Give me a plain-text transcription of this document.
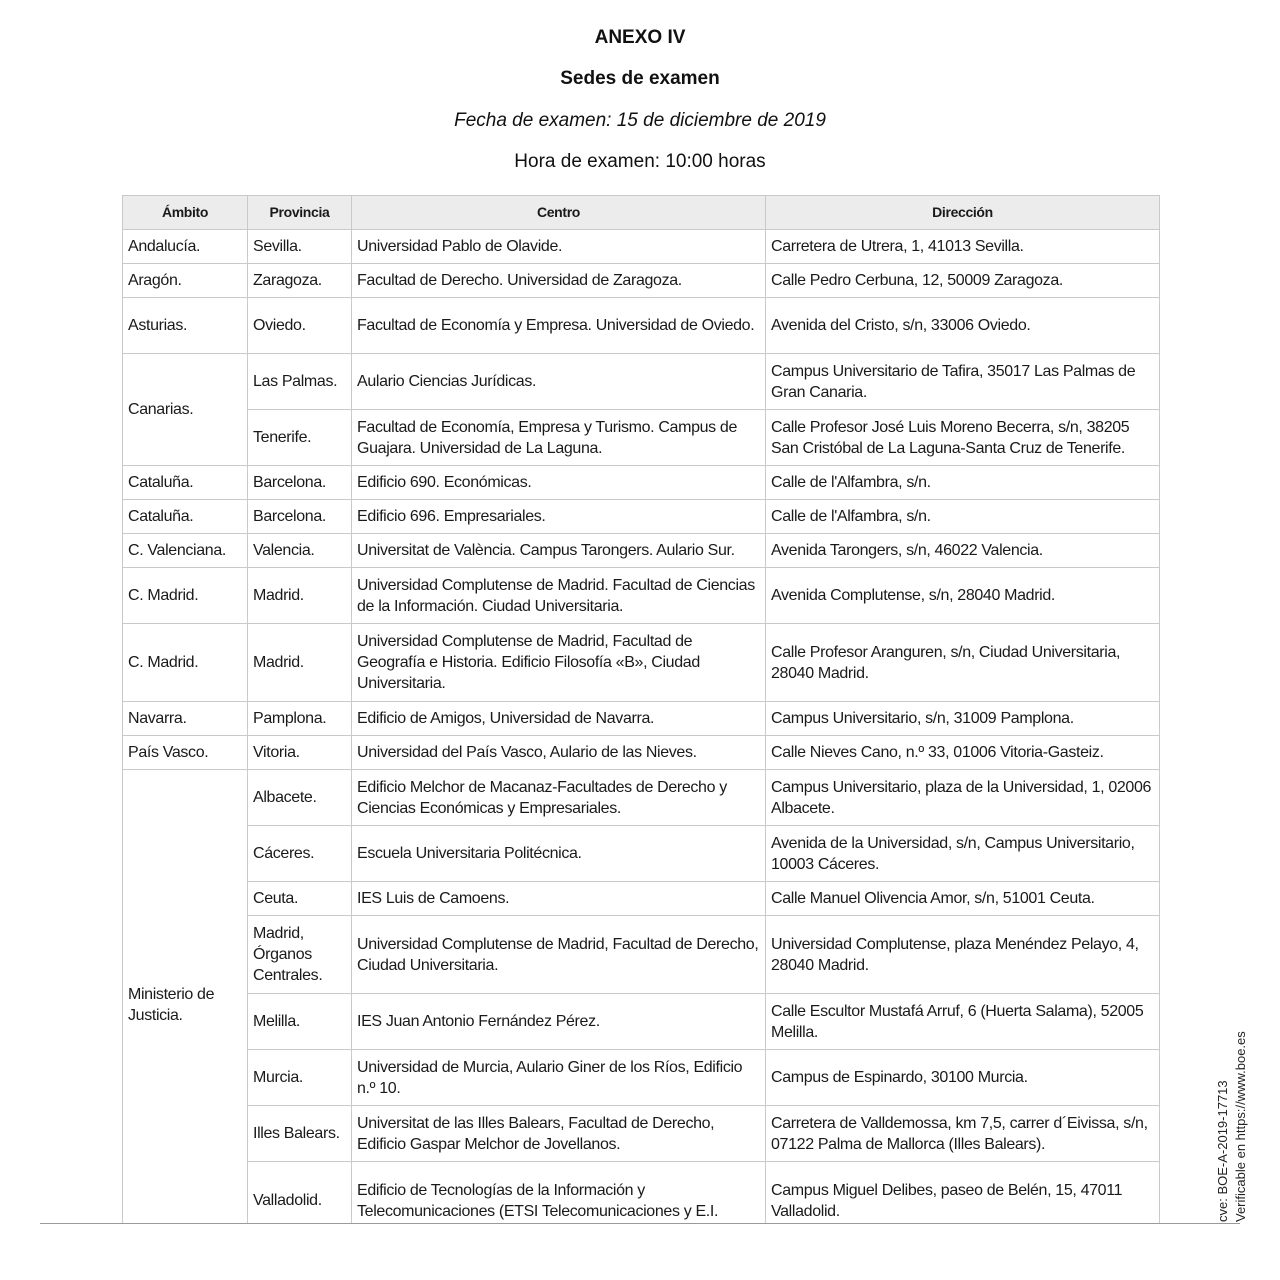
ANEXO IV
Sedes de examen
Fecha de examen: 15 de diciembre de 2019
Hora de examen: 10:00 horas
Ámbito	Provincia	Centro	Dirección
Andalucía.	Sevilla.	Universidad Pablo de Olavide.	Carretera de Utrera, 1, 41013 Sevilla.
Aragón.	Zaragoza.	Facultad de Derecho. Universidad de Zaragoza.	Calle Pedro Cerbuna, 12, 50009 Zaragoza.
Asturias.	Oviedo.	Facultad de Economía y Empresa. Universidad de Oviedo.	Avenida del Cristo, s/n, 33006 Oviedo.
Canarias.	Las Palmas.	Aulario Ciencias Jurídicas.	Campus Universitario de Tafira, 35017 Las Palmas de Gran Canaria.
	Tenerife.	Facultad de Economía, Empresa y Turismo. Campus de Guajara. Universidad de La Laguna.	Calle Profesor José Luis Moreno Becerra, s/n, 38205 San Cristóbal de La Laguna-Santa Cruz de Tenerife.
Cataluña.	Barcelona.	Edificio 690. Económicas.	Calle de l'Alfambra, s/n.
Cataluña.	Barcelona.	Edificio 696. Empresariales.	Calle de l'Alfambra, s/n.
C. Valenciana.	Valencia.	Universitat de València. Campus Tarongers. Aulario Sur.	Avenida Tarongers, s/n, 46022 Valencia.
C. Madrid.	Madrid.	Universidad Complutense de Madrid. Facultad de Ciencias de la Información. Ciudad Universitaria.	Avenida Complutense, s/n, 28040 Madrid.
C. Madrid.	Madrid.	Universidad Complutense de Madrid, Facultad de Geografía e Historia. Edificio Filosofía «B», Ciudad Universitaria.	Calle Profesor Aranguren, s/n, Ciudad Universitaria, 28040 Madrid.
Navarra.	Pamplona.	Edificio de Amigos, Universidad de Navarra.	Campus Universitario, s/n, 31009 Pamplona.
País Vasco.	Vitoria.	Universidad del País Vasco, Aulario de las Nieves.	Calle Nieves Cano, n.º 33, 01006 Vitoria-Gasteiz.
Ministerio de Justicia.	Albacete.	Edificio Melchor de Macanaz-Facultades de Derecho y Ciencias Económicas y Empresariales.	Campus Universitario, plaza de la Universidad, 1, 02006 Albacete.
	Cáceres.	Escuela Universitaria Politécnica.	Avenida de la Universidad, s/n, Campus Universitario, 10003 Cáceres.
	Ceuta.	IES Luis de Camoens.	Calle Manuel Olivencia Amor, s/n, 51001 Ceuta.
	Madrid, Órganos Centrales.	Universidad Complutense de Madrid, Facultad de Derecho, Ciudad Universitaria.	Universidad Complutense, plaza Menéndez Pelayo, 4, 28040 Madrid.
	Melilla.	IES Juan Antonio Fernández Pérez.	Calle Escultor Mustafá Arruf, 6 (Huerta Salama), 52005 Melilla.
	Murcia.	Universidad de Murcia, Aulario Giner de los Ríos, Edificio n.º 10.	Campus de Espinardo, 30100 Murcia.
	Illes Balears.	Universitat de las Illes Balears, Facultad de Derecho, Edificio Gaspar Melchor de Jovellanos.	Carretera de Valldemossa, km 7,5, carrer d´Eivissa, s/n, 07122 Palma de Mallorca (Illes Balears).
	Valladolid.	Edificio de Tecnologías de la Información y Telecomunicaciones (ETSI Telecomunicaciones y E.I.	Campus Miguel Delibes, paseo de Belén, 15, 47011 Valladolid.	cve: BOE-A-2019-17713 Verificable en https://www.boe.es
